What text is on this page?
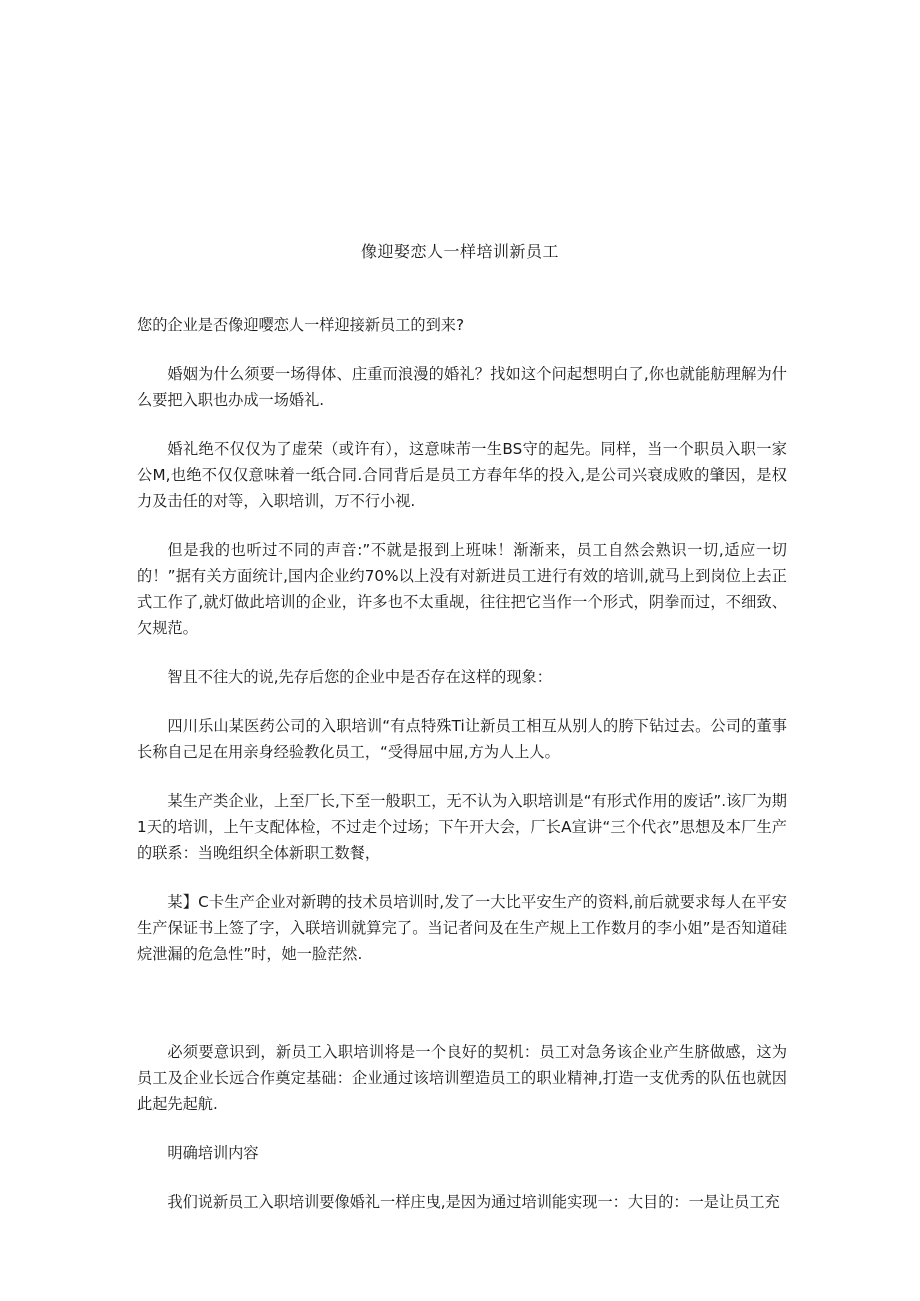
像迎娶恋人一样培训新员工

您的企业是否像迎嘤恋人一样迎接新员工的到来?

婚姻为什么须要一场得体、庄重而浪漫的婚礼？找如这个问起想明白了,你也就能舫理解为什么要把入职也办成一场婚礼.

婚礼绝不仅仅为了虚荣（或许有），这意味芾一生BS守的起先。同样，当一个职员入职一家公M,也绝不仅仅意味着一纸合同.合同背后是员工方春年华的投入,是公司兴衰成败的肇因，是权力及击任的对等，入职培训，万不行小视.

但是我的也听过不同的声音:”不就是报到上班味！渐渐来，员工自然会熟识一切,适应一切的！”据有关方面统计,国内企业约70%以上没有对新进员工进行有效的培训,就马上到岗位上去正式工作了,就灯做此培训的企业，许多也不太重觇，往往把它当作一个形式，阴拳而过，不细致、欠规范。

智且不往大的说,先存后您的企业中是否存在这样的现象：

四川乐山某医药公司的入职培训“有点特殊Ti让新员工相互从别人的胯下钻过去。公司的董事长称自己足在用亲身经验教化员工，“受得屈中屈,方为人上人。

某生产类企业，上至厂长,下至一般职工，无不认为入职培训是“有形式作用的废话”.该厂为期1天的培训，上午支配体检，不过走个过场；下午开大会，厂长A宣讲“三个代衣”思想及本厂生产的联系：当晚组织全体新职工数餐，

某】C卡生产企业对新聘的技术员培训时,发了一大比平安生产的资料,前后就要求每人在平安生产保证书上签了字，入联培训就算完了。当记者问及在生产规上工作数月的李小姐”是否知道硅烷泄漏的危急性”时，她一脸茫然.

必须要意识到，新员工入职培训将是一个良好的契机：员工对急务该企业产生脐做感，这为员工及企业长远合作奠定基础：企业通过该培训塑造员工的职业精神,打造一支优秀的队伍也就因此起先起航.

明确培训内容

我们说新员工入职培训要像婚礼一样庄曳,是因为通过培训能实现一：大目的：一是让员工充
